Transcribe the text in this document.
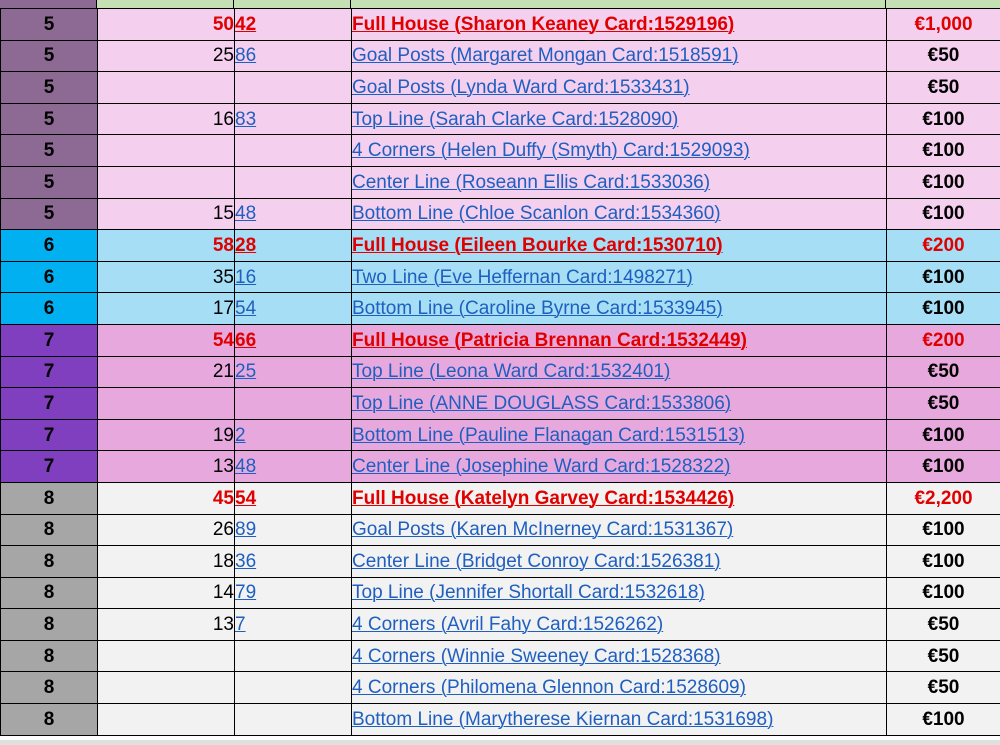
5	50	42	Full House (Sharon Keaney Card:1529196)	€1,000
5	25	86	Goal Posts (Margaret Mongan Card:1518591)	€50
5			Goal Posts (Lynda Ward Card:1533431)	€50
5	16	83	Top Line (Sarah Clarke Card:1528090)	€100
5			4 Corners (Helen Duffy (Smyth) Card:1529093)	€100
5			Center Line (Roseann Ellis Card:1533036)	€100
5	15	48	Bottom Line (Chloe Scanlon Card:1534360)	€100
6	58	28	Full House (Eileen Bourke Card:1530710)	€200
6	35	16	Two Line (Eve Heffernan Card:1498271)	€100
6	17	54	Bottom Line (Caroline Byrne Card:1533945)	€100
7	54	66	Full House (Patricia Brennan Card:1532449)	€200
7	21	25	Top Line (Leona Ward Card:1532401)	€50
7			Top Line (ANNE DOUGLASS Card:1533806)	€50
7	19	2	Bottom Line (Pauline Flanagan Card:1531513)	€100
7	13	48	Center Line (Josephine Ward Card:1528322)	€100
8	45	54	Full House (Katelyn Garvey Card:1534426)	€2,200
8	26	89	Goal Posts (Karen McInerney Card:1531367)	€100
8	18	36	Center Line (Bridget Conroy Card:1526381)	€100
8	14	79	Top Line (Jennifer Shortall Card:1532618)	€100
8	13	7	4 Corners (Avril Fahy Card:1526262)	€50
8			4 Corners (Winnie Sweeney Card:1528368)	€50
8			4 Corners (Philomena Glennon Card:1528609)	€50
8			Bottom Line (Marytherese Kiernan Card:1531698)	€100
